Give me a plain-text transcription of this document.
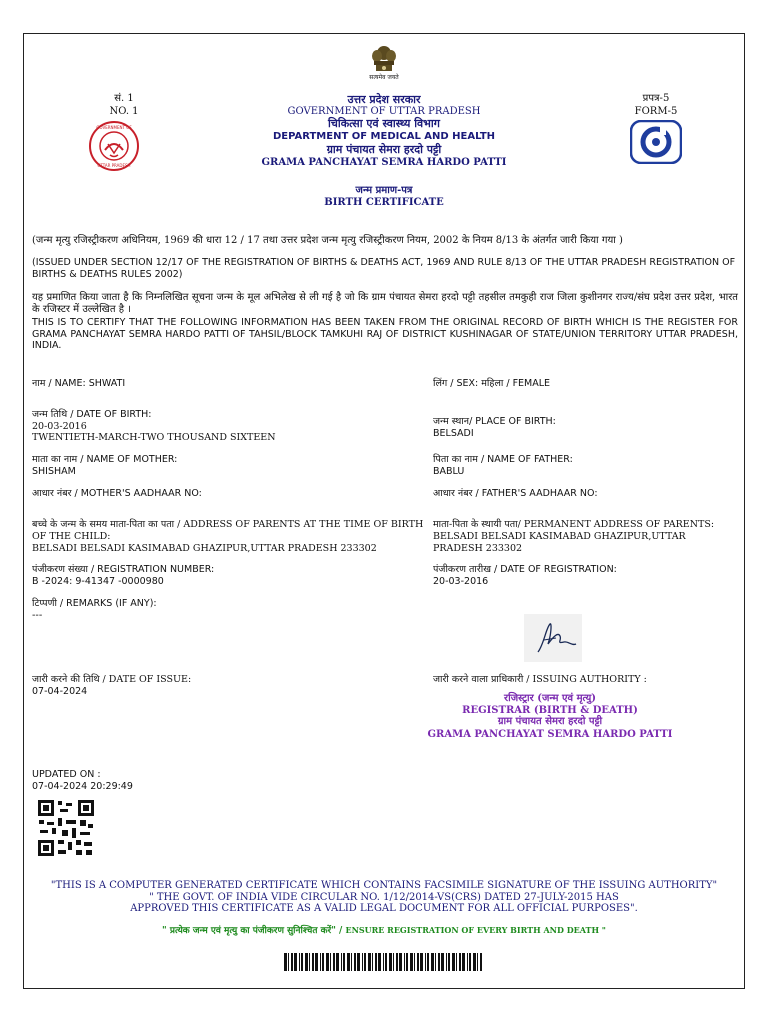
सत्यमेव जयते
सं. 1
NO. 1
GOVERNMENT OF
UTTAR PRADESH
उत्तर प्रदेश सरकार
GOVERNMENT OF UTTAR PRADESH
चिकित्सा एवं स्वास्थ्य विभाग
DEPARTMENT OF MEDICAL AND HEALTH
ग्राम पंचायत सेमरा हरदो पट्टी
GRAMA PANCHAYAT SEMRA HARDO PATTI
प्रपत्र-5
FORM-5
जन्म प्रमाण-पत्र
BIRTH CERTIFICATE
(जन्म मृत्यु रजिस्ट्रीकरण अधिनियम, 1969 की धारा 12 / 17 तथा उत्तर प्रदेश जन्म मृत्यु रजिस्ट्रीकरण नियम, 2002 के नियम 8/13 के अंतर्गत जारी किया गया )
(ISSUED UNDER SECTION 12/17 OF THE REGISTRATION OF BIRTHS & DEATHS ACT, 1969 AND RULE 8/13 OF THE UTTAR PRADESH REGISTRATION OF BIRTHS & DEATHS RULES 2002)
यह प्रमाणित किया जाता है कि निम्नलिखित सूचना जन्म के मूल अभिलेख से ली गई है जो कि ग्राम पंचायत सेमरा हरदो पट्टी तहसील तमकुही राज जिला कुशीनगर राज्य/संघ प्रदेश उत्तर प्रदेश, भारत के रजिस्टर में उल्लेखित है ।
THIS IS TO CERTIFY THAT THE FOLLOWING INFORMATION HAS BEEN TAKEN FROM THE ORIGINAL RECORD OF BIRTH WHICH IS THE REGISTER FOR GRAMA PANCHAYAT SEMRA HARDO PATTI OF TAHSIL/BLOCK TAMKUHI RAJ OF DISTRICT KUSHINAGAR OF STATE/UNION TERRITORY UTTAR PRADESH, INDIA.
नाम / NAME: SHWATI	लिंग / SEX: महिला / FEMALE
जन्म तिथि / DATE OF BIRTH:
20-03-2016
TWENTIETH-MARCH-TWO THOUSAND SIXTEEN
जन्म स्थान/ PLACE OF BIRTH:
BELSADI
माता का नाम / NAME OF MOTHER:
SHISHAM
पिता का नाम / NAME OF FATHER:
BABLU
आधार नंबर / MOTHER'S AADHAAR NO:	आधार नंबर / FATHER'S AADHAAR NO:
बच्चे के जन्म के समय माता-पिता का पता / ADDRESS OF PARENTS AT THE TIME OF BIRTH OF THE CHILD:
BELSADI BELSADI KASIMABAD GHAZIPUR,UTTAR PRADESH 233302
माता-पिता के स्थायी पता/ PERMANENT ADDRESS OF PARENTS:
BELSADI BELSADI KASIMABAD GHAZIPUR,UTTAR PRADESH 233302
पंजीकरण संख्या / REGISTRATION NUMBER:
B -2024: 9-41347 -0000980
पंजीकरण तारीख / DATE OF REGISTRATION:
20-03-2016
टिप्पणी / REMARKS (IF ANY):
---
जारी करने की तिथि / DATE OF ISSUE:
07-04-2024
जारी करने वाला प्राधिकारी / ISSUING AUTHORITY :
रजिस्ट्रार (जन्म एवं मृत्यु)
REGISTRAR (BIRTH & DEATH)
ग्राम पंचायत सेमरा हरदो पट्टी
GRAMA PANCHAYAT SEMRA HARDO PATTI
UPDATED ON :
07-04-2024 20:29:49
"THIS IS A COMPUTER GENERATED CERTIFICATE WHICH CONTAINS FACSIMILE SIGNATURE OF THE ISSUING AUTHORITY"
" THE GOVT. OF INDIA VIDE CIRCULAR NO. 1/12/2014-VS(CRS) DATED 27-JULY-2015 HAS
APPROVED THIS CERTIFICATE AS A VALID LEGAL DOCUMENT FOR ALL OFFICIAL PURPOSES".
" प्रत्येक जन्म एवं मृत्यु का पंजीकरण सुनिश्चित करें" / ENSURE REGISTRATION OF EVERY BIRTH AND DEATH "
